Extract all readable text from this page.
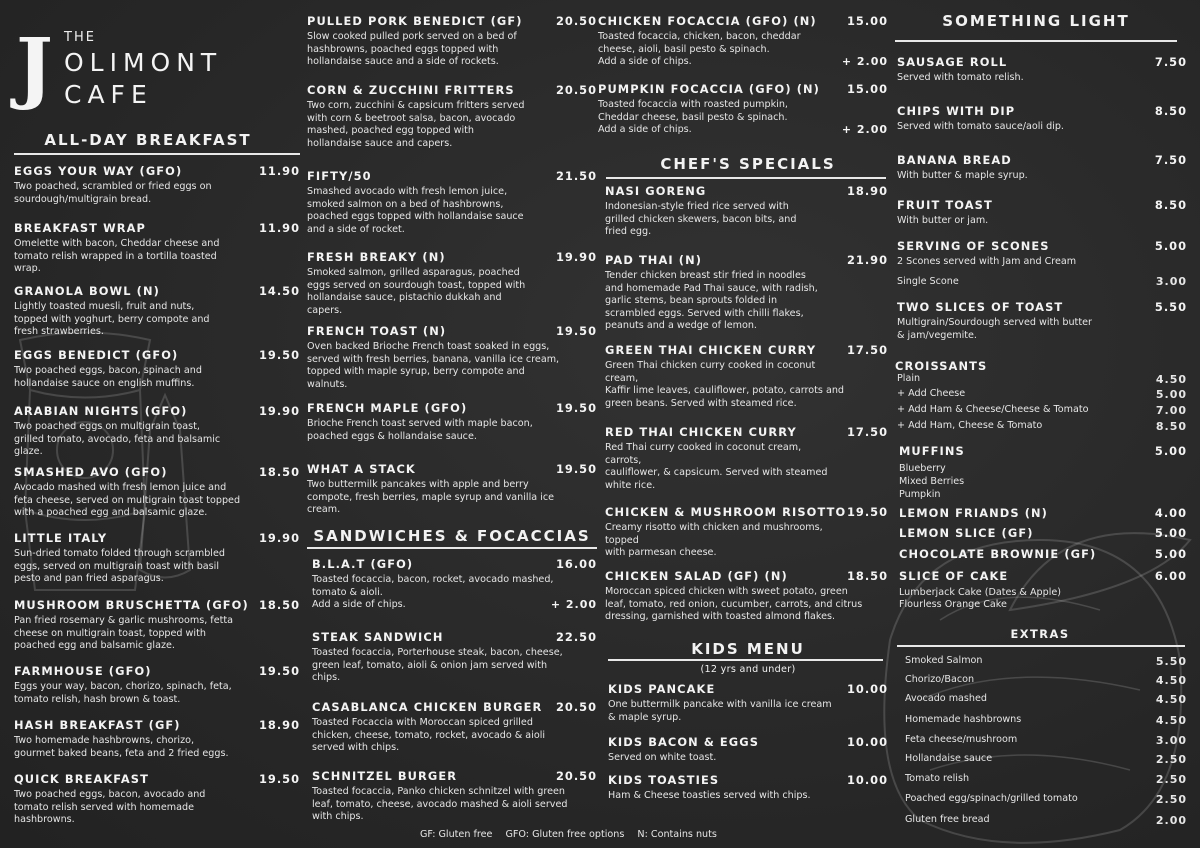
J THE
OLIMONT
CAFE
ALL-DAY BREAKFAST
EGGS YOUR WAY (GFO)	11.90
Two poached, scrambled or fried eggs on
sourdough/multigrain bread.
BREAKFAST WRAP	11.90
Omelette with bacon, Cheddar cheese and
tomato relish wrapped in a tortilla toasted
wrap.
GRANOLA BOWL (N)	14.50
Lightly toasted muesli, fruit and nuts,
topped with yoghurt, berry compote and
fresh strawberries.
EGGS BENEDICT (GFO)	19.50
Two poached eggs, bacon, spinach and
hollandaise sauce on english muffins.
ARABIAN NIGHTS (GFO)	19.90
Two poached eggs on multigrain toast,
grilled tomato, avocado, feta and balsamic
glaze.
SMASHED AVO (GFO)	18.50
Avocado mashed with fresh lemon juice and
feta cheese, served on multigrain toast topped
with a poached egg and balsamic glaze.
LITTLE ITALY	19.90
Sun-dried tomato folded through scrambled
eggs, served on multigrain toast with basil
pesto and pan fried asparagus.
MUSHROOM BRUSCHETTA (GFO) 18.50
Pan fried rosemary & garlic mushrooms, fetta
cheese on multigrain toast, topped with
poached egg and balsamic glaze.
FARMHOUSE (GFO)	19.50
Eggs your way, bacon, chorizo, spinach, feta,
tomato relish, hash brown & toast.
HASH BREAKFAST (GF)	18.90
Two homemade hashbrowns, chorizo,
gourmet baked beans, feta and 2 fried eggs.
QUICK BREAKFAST	19.50
Two poached eggs, bacon, avocado and
tomato relish served with homemade
hashbrowns.
PULLED PORK BENEDICT (GF)	20.50
Slow cooked pulled pork served on a bed of
hashbrowns, poached eggs topped with
hollandaise sauce and a side of rockets.
CORN & ZUCCHINI FRITTERS	20.50
Two corn, zucchini & capsicum fritters served
with corn & beetroot salsa, bacon, avocado
mashed, poached egg topped with
hollandaise sauce and capers.
FIFTY/50	21.50
Smashed avocado with fresh lemon juice,
smoked salmon on a bed of hashbrowns,
poached eggs topped with hollandaise sauce
and a side of rocket.
FRESH BREAKY (N)	19.90
Smoked salmon, grilled asparagus, poached
eggs served on sourdough toast, topped with
hollandaise sauce, pistachio dukkah and
capers.
FRENCH TOAST (N)	19.50
Oven backed Brioche French toast soaked in eggs,
served with fresh berries, banana, vanilla ice cream,
topped with maple syrup, berry compote and
walnuts.
FRENCH MAPLE (GFO)	19.50
Brioche French toast served with maple bacon,
poached eggs & hollandaise sauce.
WHAT A STACK	19.50
Two buttermilk pancakes with apple and berry
compote, fresh berries, maple syrup and vanilla ice
cream.
SANDWICHES & FOCACCIAS
B.L.A.T (GFO)	16.00
Toasted focaccia, bacon, rocket, avocado mashed,
tomato & aioli.
Add a side of chips.	+ 2.00
STEAK SANDWICH	22.50
Toasted focaccia, Porterhouse steak, bacon, cheese,
green leaf, tomato, aioli & onion jam served with
chips.
CASABLANCA CHICKEN BURGER 20.50
Toasted Focaccia with Moroccan spiced grilled
chicken, cheese, tomato, rocket, avocado & aioli
served with chips.
SCHNITZEL BURGER	20.50
Toasted focaccia, Panko chicken schnitzel with green
leaf, tomato, cheese, avocado mashed & aioli served
with chips.
CHICKEN FOCACCIA (GFO) (N)	15.00
Toasted focaccia, chicken, bacon, cheddar
cheese, aioli, basil pesto & spinach.
Add a side of chips.	+ 2.00
PUMPKIN FOCACCIA (GFO) (N) 15.00
Toasted focaccia with roasted pumpkin,
Cheddar cheese, basil pesto & spinach.
Add a side of chips.	+ 2.00
CHEF'S SPECIALS
NASI GORENG	18.90
Indonesian-style fried rice served with
grilled chicken skewers, bacon bits, and
fried egg.
PAD THAI (N)	21.90
Tender chicken breast stir fried in noodles
and homemade Pad Thai sauce, with radish,
garlic stems, bean sprouts folded in
scrambled eggs. Served with chilli flakes,
peanuts and a wedge of lemon.
GREEN THAI CHICKEN CURRY	17.50
Green Thai chicken curry cooked in coconut
cream,
Kaffir lime leaves, cauliflower, potato, carrots and
green beans. Served with steamed rice.
RED THAI CHICKEN CURRY	17.50
Red Thai curry cooked in coconut cream,
carrots,
cauliflower, & capsicum. Served with steamed
white rice.
CHICKEN & MUSHROOM RISOTTO 19.50
Creamy risotto with chicken and mushrooms,
topped
with parmesan cheese.
CHICKEN SALAD (GF) (N)	18.50
Moroccan spiced chicken with sweet potato, green
leaf, tomato, red onion, cucumber, carrots, and citrus
dressing, garnished with toasted almond flakes.
KIDS MENU
(12 yrs and under)
KIDS PANCAKE	10.00
One buttermilk pancake with vanilla ice cream
& maple syrup.
KIDS BACON & EGGS	10.00
Served on white toast.
KIDS TOASTIES	10.00
Ham & Cheese toasties served with chips.
SOMETHING LIGHT
SAUSAGE ROLL	7.50
Served with tomato relish.
CHIPS WITH DIP	8.50
Served with tomato sauce/aoli dip.
BANANA BREAD	7.50
With butter & maple syrup.
FRUIT TOAST	8.50
With butter or jam.
SERVING OF SCONES	5.00
2 Scones served with Jam and Cream
Single Scone	3.00
TWO SLICES OF TOAST	5.50
Multigrain/Sourdough served with butter
& jam/vegemite.
CROISSANTS
Plain	4.50
+ Add Cheese	5.00
+ Add Ham & Cheese/Cheese & Tomato	7.00
+ Add Ham, Cheese & Tomato	8.50
MUFFINS	5.00
Blueberry
Mixed Berries
Pumpkin
LEMON FRIANDS (N)	4.00
LEMON SLICE (GF)	5.00
CHOCOLATE BROWNIE (GF)	5.00
SLICE OF CAKE	6.00
Lumberjack Cake (Dates & Apple)
Flourless Orange Cake
EXTRAS
Smoked Salmon	5.50
Chorizo/Bacon	4.50
Avocado mashed	4.50
Homemade hashbrowns	4.50
Feta cheese/mushroom	3.00
Hollandaise sauce	2.50
Tomato relish	2.50
Poached egg/spinach/grilled tomato	2.50
Gluten free bread	2.00
GF: Gluten free GFO: Gluten free options N: Contains nuts
